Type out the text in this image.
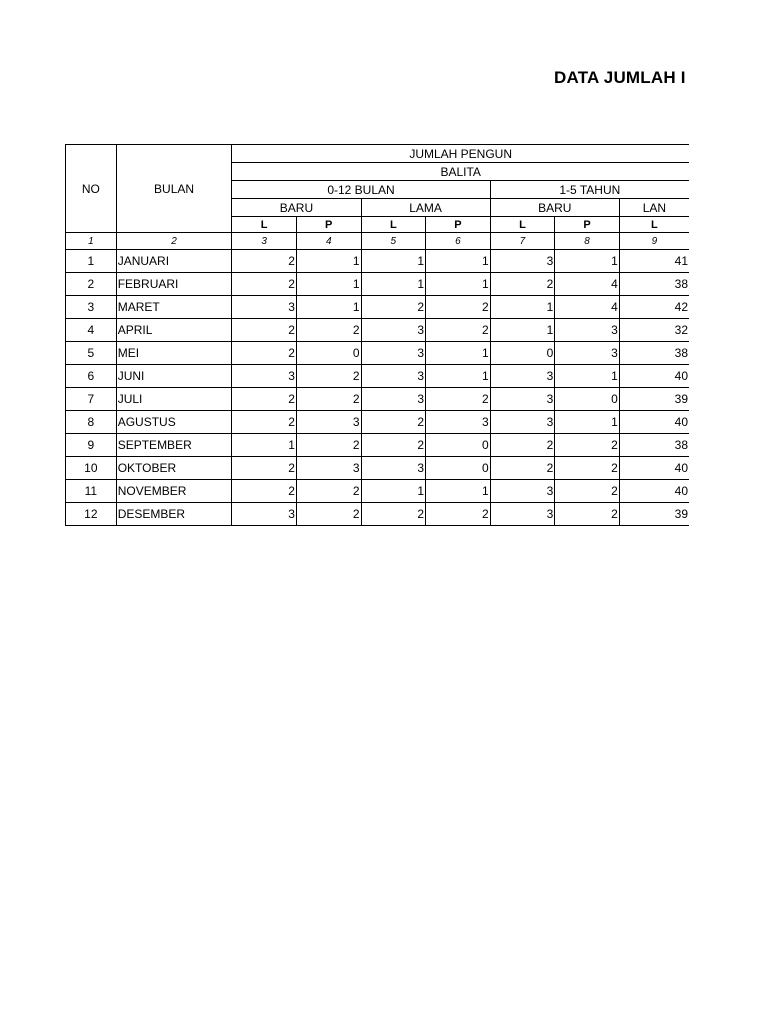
DATA JUMLAH I
NO	BULAN	JUMLAH PENGUN						
		BALITA						
		0-12 BULAN				1-5 TAHUN		
		BARU		LAMA		BARU		LAN
		L	P	L	P	L	P	L
1	2	3	4	5	6	7	8	9
1	JANUARI	2	1	1	1	3	1	41
2	FEBRUARI	2	1	1	1	2	4	38
3	MARET	3	1	2	2	1	4	42
4	APRIL	2	2	3	2	1	3	32
5	MEI	2	0	3	1	0	3	38
6	JUNI	3	2	3	1	3	1	40
7	JULI	2	2	3	2	3	0	39
8	AGUSTUS	2	3	2	3	3	1	40
9	SEPTEMBER	1	2	2	0	2	2	38
10	OKTOBER	2	3	3	0	2	2	40
11	NOVEMBER	2	2	1	1	3	2	40
12	DESEMBER	3	2	2	2	3	2	39
